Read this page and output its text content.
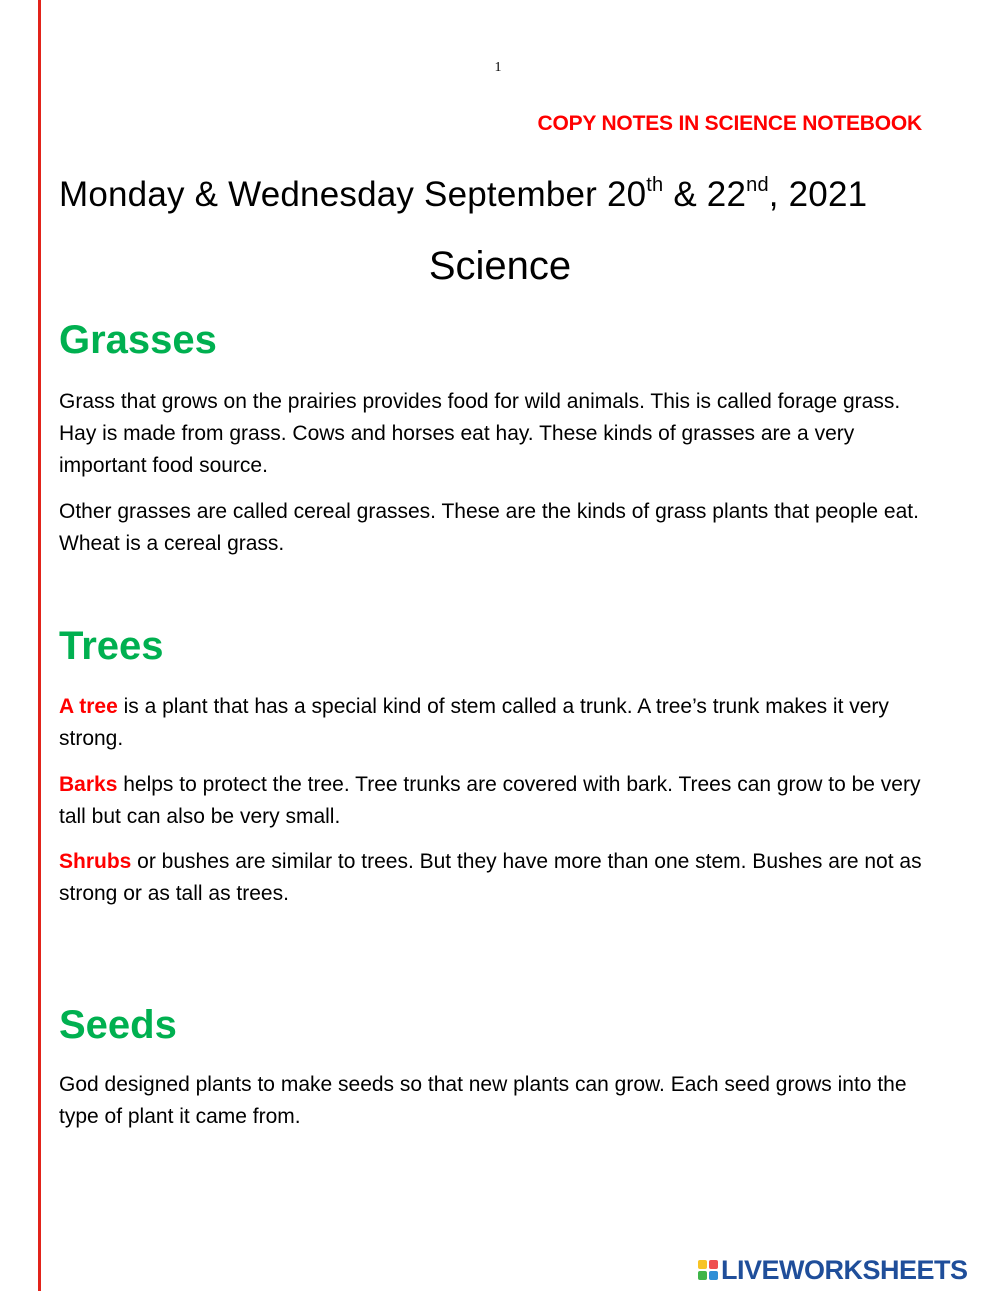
1
COPY NOTES IN SCIENCE NOTEBOOK
Monday & Wednesday September 20th & 22nd, 2021
Science
Grasses

Grass that grows on the prairies provides food for wild animals. This is called forage grass. Hay is made from grass. Cows and horses eat hay. These kinds of grasses are a very important food source.

Other grasses are called cereal grasses. These are the kinds of grass plants that people eat. Wheat is a cereal grass.

Trees

A tree is a plant that has a special kind of stem called a trunk. A tree’s trunk makes it very strong.

Barks helps to protect the tree. Tree trunks are covered with bark. Trees can grow to be very tall but can also be very small.

Shrubs or bushes are similar to trees. But they have more than one stem. Bushes are not as strong or as tall as trees.

Seeds

God designed plants to make seeds so that new plants can grow. Each seed grows into the type of plant it came from.

LIVEWORKSHEETS
